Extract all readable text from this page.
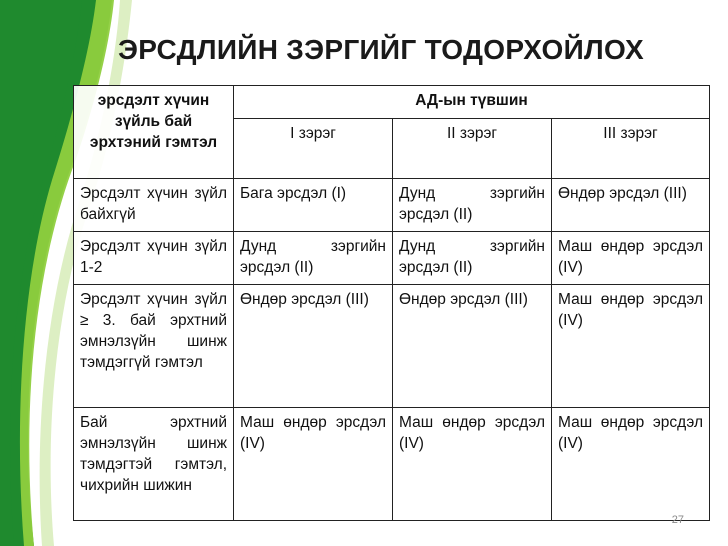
ЭРСДЛИЙН ЗЭРГИЙГ ТОДОРХОЙЛОХ
эрсдэлт хүчин зүйль бай эрхтэний гэмтэл	АД-ын түвшин		
	I зэрэг	II зэрэг	III зэрэг
Эрсдэлт хүчин зүйл байхгүй	Бага эрсдэл (I)	Дунд зэргийн эрсдэл (II)	Өндөр эрсдэл (III)
Эрсдэлт хүчин зүйл 1-2	Дунд зэргийн эрсдэл (II)	Дунд зэргийн эрсдэл (II)	Маш өндөр эрсдэл (IV)
Эрсдэлт хүчин зүйл ≥ 3. бай эрхтний эмнэлзүйн шинж тэмдэггүй гэмтэл	Өндөр эрсдэл (III)	Өндөр эрсдэл (III)	Маш өндөр эрсдэл (IV)
Бай эрхтний эмнэлзүйн шинж тэмдэгтэй гэмтэл, чихрийн шижин	Маш өндөр эрсдэл (IV)	Маш өндөр эрсдэл (IV)	Маш өндөр эрсдэл (IV)
27
